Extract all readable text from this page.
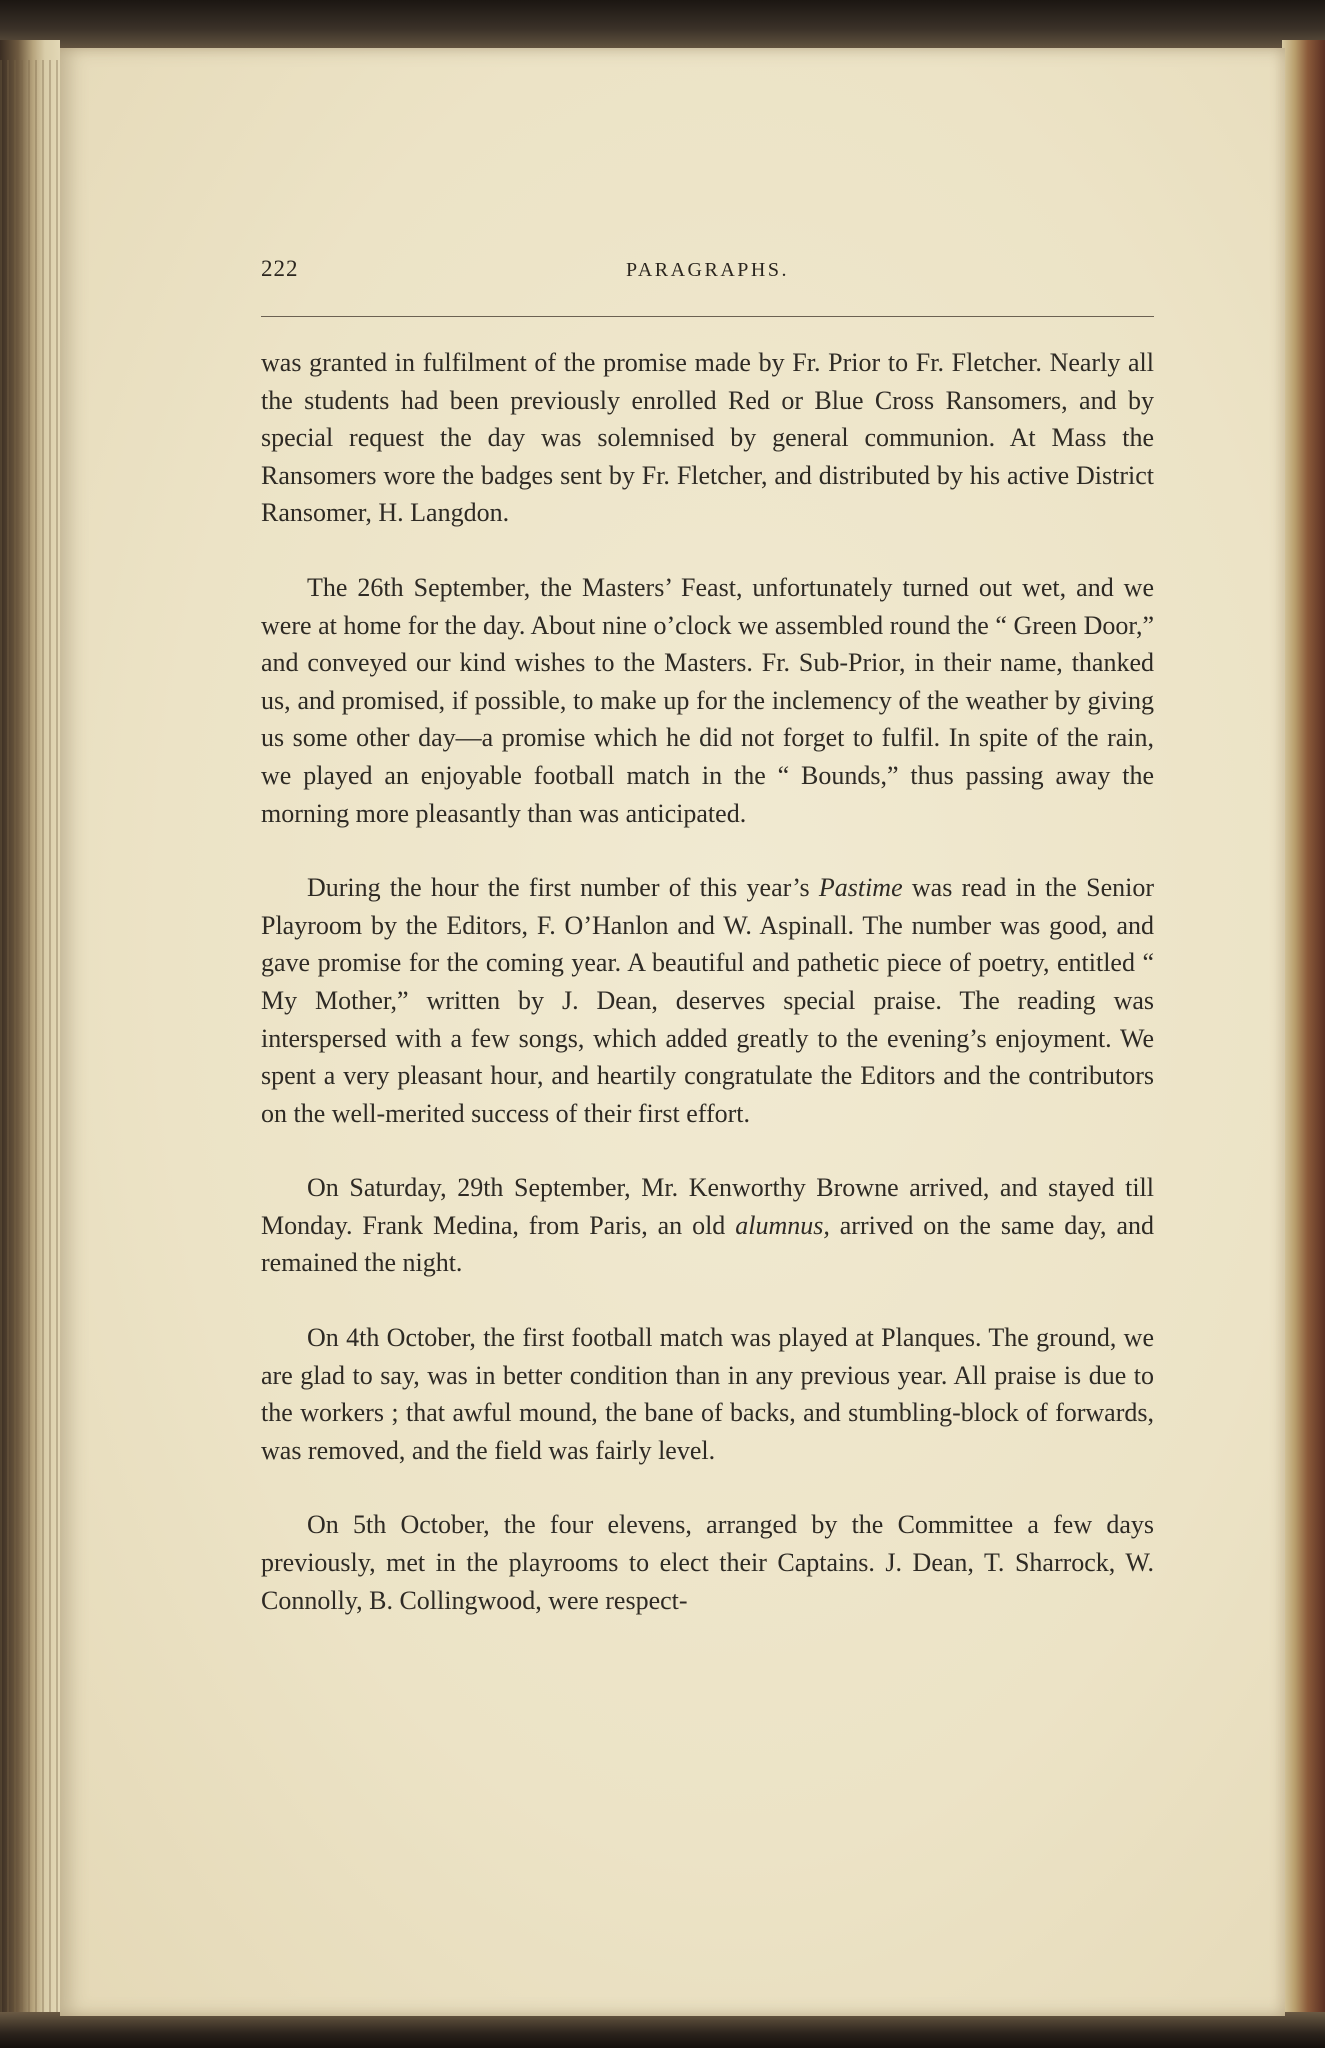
222	PARAGRAPHS.

was granted in fulfilment of the promise made by Fr. Prior to Fr. Fletcher. Nearly all the students had been previously enrolled Red or Blue Cross Ransomers, and by special request the day was solemnised by general communion. At Mass the Ransomers wore the badges sent by Fr. Fletcher, and distributed by his active District Ransomer, H. Langdon.

The 26th September, the Masters’ Feast, unfortunately turned out wet, and we were at home for the day. About nine o’clock we assembled round the “ Green Door,” and conveyed our kind wishes to the Masters. Fr. Sub-Prior, in their name, thanked us, and promised, if possible, to make up for the inclemency of the weather by giving us some other day—a promise which he did not forget to fulfil. In spite of the rain, we played an enjoyable football match in the “ Bounds,” thus passing away the morning more pleasantly than was anticipated.

During the hour the first number of this year’s Pastime was read in the Senior Playroom by the Editors, F. O’Hanlon and W. Aspinall. The number was good, and gave promise for the coming year. A beautiful and pathetic piece of poetry, entitled “ My Mother,” written by J. Dean, deserves special praise. The reading was interspersed with a few songs, which added greatly to the evening’s enjoyment. We spent a very pleasant hour, and heartily congratulate the Editors and the contributors on the well-merited success of their first effort.

On Saturday, 29th September, Mr. Kenworthy Browne arrived, and stayed till Monday. Frank Medina, from Paris, an old alumnus, arrived on the same day, and remained the night.

On 4th October, the first football match was played at Planques. The ground, we are glad to say, was in better condition than in any previous year. All praise is due to the workers ; that awful mound, the bane of backs, and stumbling-block of forwards, was removed, and the field was fairly level.

On 5th October, the four elevens, arranged by the Committee a few days previously, met in the playrooms to elect their Captains. J. Dean, T. Sharrock, W. Connolly, B. Collingwood, were respect-
